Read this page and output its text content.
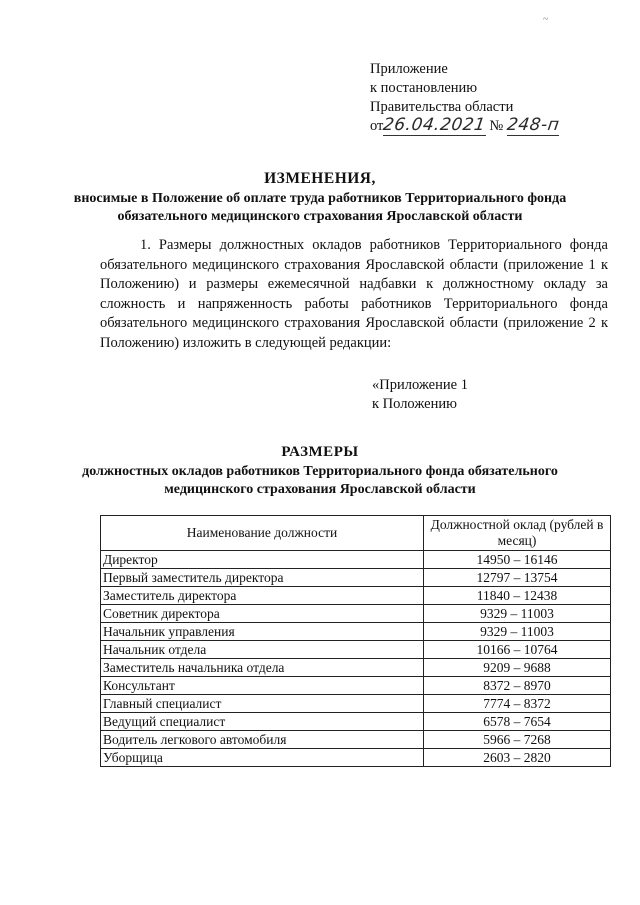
~
Приложение
к постановлению
Правительства области
от26.04.2021 № 248-п
ИЗМЕНЕНИЯ,
вносимые в Положение об оплате труда работников Территориального фонда обязательного медицинского страхования Ярославской области
1. Размеры должностных окладов работников Территориального фонда обязательного медицинского страхования Ярославской области (приложение 1 к Положению) и размеры ежемесячной надбавки к должностному окладу за сложность и напряженность работы работников Территориального фонда обязательного медицинского страхования Ярославской области (приложение 2 к Положению) изложить в следующей редакции:
«Приложение 1
к Положению
РАЗМЕРЫ
должностных окладов работников Территориального фонда обязательного медицинского страхования Ярославской области
Наименование должности	Должностной оклад (рублей в месяц)
Директор	14950 – 16146
Первый заместитель директора	12797 – 13754
Заместитель директора	11840 – 12438
Советник директора	9329 – 11003
Начальник управления	9329 – 11003
Начальник отдела	10166 – 10764
Заместитель начальника отдела	9209 – 9688
Консультант	8372 – 8970
Главный специалист	7774 – 8372
Ведущий специалист	6578 – 7654
Водитель легкового автомобиля	5966 – 7268
Уборщица	2603 – 2820
